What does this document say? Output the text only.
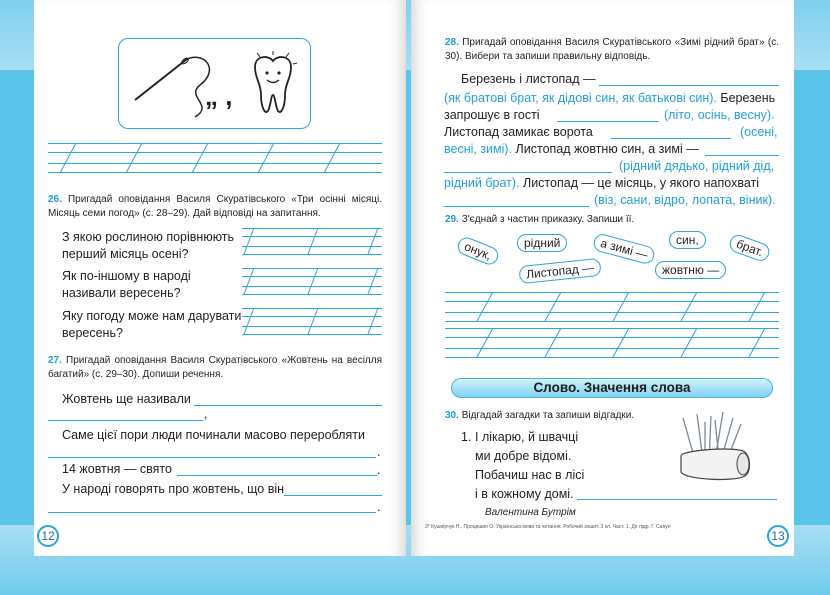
„ ,
26. Пригадай оповідання Василя Скуратівського «Три осінні місяці. Місяць семи погод» (с. 28–29). Дай відповіді на запитання.
З якою рослиною порівнюють перший місяць осені?
Як по-іншому в народі називали вересень?
Яку погоду може нам дарувати вересень?
27. Пригадай оповідання Василя Скуратівського «Жовтень на весілля багатий» (с. 29–30). Допиши речення.
Жовтень ще називали
,
Саме цієї пори люди починали масово переробляти
.
14 жовтня — свято	.
У народі говорять про жовтень, що він
.
12
28. Пригадай оповідання Василя Скуратівського «Зимі рідний брат» (с. 30). Вибери та запиши правильну відповідь.
Березень і листопад —
(як братові брат, як дідові син, як батькові син). Березень
запрошує в гості	(літо, осінь, весну).
Листопад замикає ворота	(осені,
весні, зимі). Листопад жовтню син, а зимі —
(рідний дядько, рідний дід,
рідний брат). Листопад — це місяць, у якого напохваті
(віз, сани, відро, лопата, віник).
29. З'єднай з частин приказку. Запиши її.
онук,	рідний	а зимі —	син,	брат.
Листопад —	жовтню —
Слово. Значення слова
30. Відгадай загадки та запиши відгадки.
1. І лікарю, й швачці
ми добре відомі.
Побачиш нас в лісі
і в кожному домі.
Валентина Бутрім
3* Кушнірчук Н., Процишин О. Українська мова та читання. Робочий зошит. 3 кл. Част. 1. До підр. Г. Сапун
13
